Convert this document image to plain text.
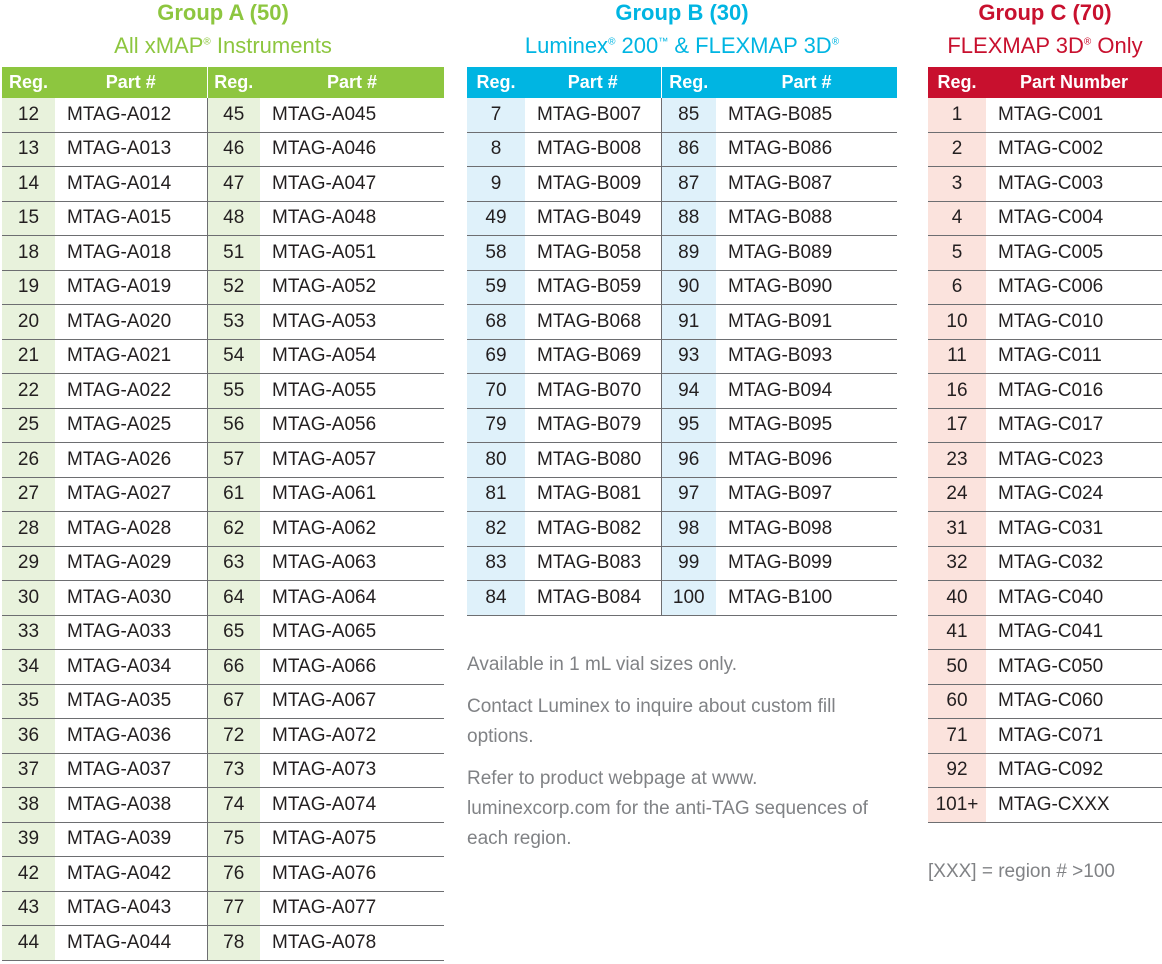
Group A (50)
All xMAP® Instruments
Reg.	Part #	Reg.	Part #
12	MTAG-A012	45	MTAG-A045
13	MTAG-A013	46	MTAG-A046
14	MTAG-A014	47	MTAG-A047
15	MTAG-A015	48	MTAG-A048
18	MTAG-A018	51	MTAG-A051
19	MTAG-A019	52	MTAG-A052
20	MTAG-A020	53	MTAG-A053
21	MTAG-A021	54	MTAG-A054
22	MTAG-A022	55	MTAG-A055
25	MTAG-A025	56	MTAG-A056
26	MTAG-A026	57	MTAG-A057
27	MTAG-A027	61	MTAG-A061
28	MTAG-A028	62	MTAG-A062
29	MTAG-A029	63	MTAG-A063
30	MTAG-A030	64	MTAG-A064
33	MTAG-A033	65	MTAG-A065
34	MTAG-A034	66	MTAG-A066
35	MTAG-A035	67	MTAG-A067
36	MTAG-A036	72	MTAG-A072
37	MTAG-A037	73	MTAG-A073
38	MTAG-A038	74	MTAG-A074
39	MTAG-A039	75	MTAG-A075
42	MTAG-A042	76	MTAG-A076
43	MTAG-A043	77	MTAG-A077
44	MTAG-A044	78	MTAG-A078
Group B (30)
Luminex® 200™ & FLEXMAP 3D®
Reg.	Part #	Reg.	Part #
7	MTAG-B007	85	MTAG-B085
8	MTAG-B008	86	MTAG-B086
9	MTAG-B009	87	MTAG-B087
49	MTAG-B049	88	MTAG-B088
58	MTAG-B058	89	MTAG-B089
59	MTAG-B059	90	MTAG-B090
68	MTAG-B068	91	MTAG-B091
69	MTAG-B069	93	MTAG-B093
70	MTAG-B070	94	MTAG-B094
79	MTAG-B079	95	MTAG-B095
80	MTAG-B080	96	MTAG-B096
81	MTAG-B081	97	MTAG-B097
82	MTAG-B082	98	MTAG-B098
83	MTAG-B083	99	MTAG-B099
84	MTAG-B084	100	MTAG-B100

Available in 1 mL vial sizes only.

Contact Luminex to inquire about custom fill options.

Refer to product webpage at www. luminexcorp.com for the anti-TAG sequences of each region.

Group C (70)
FLEXMAP 3D® Only
Reg.	Part Number
1	MTAG-C001
2	MTAG-C002
3	MTAG-C003
4	MTAG-C004
5	MTAG-C005
6	MTAG-C006
10	MTAG-C010
11	MTAG-C011
16	MTAG-C016
17	MTAG-C017
23	MTAG-C023
24	MTAG-C024
31	MTAG-C031
32	MTAG-C032
40	MTAG-C040
41	MTAG-C041
50	MTAG-C050
60	MTAG-C060
71	MTAG-C071
92	MTAG-C092
101+	MTAG-CXXX
[XXX] = region # >100
